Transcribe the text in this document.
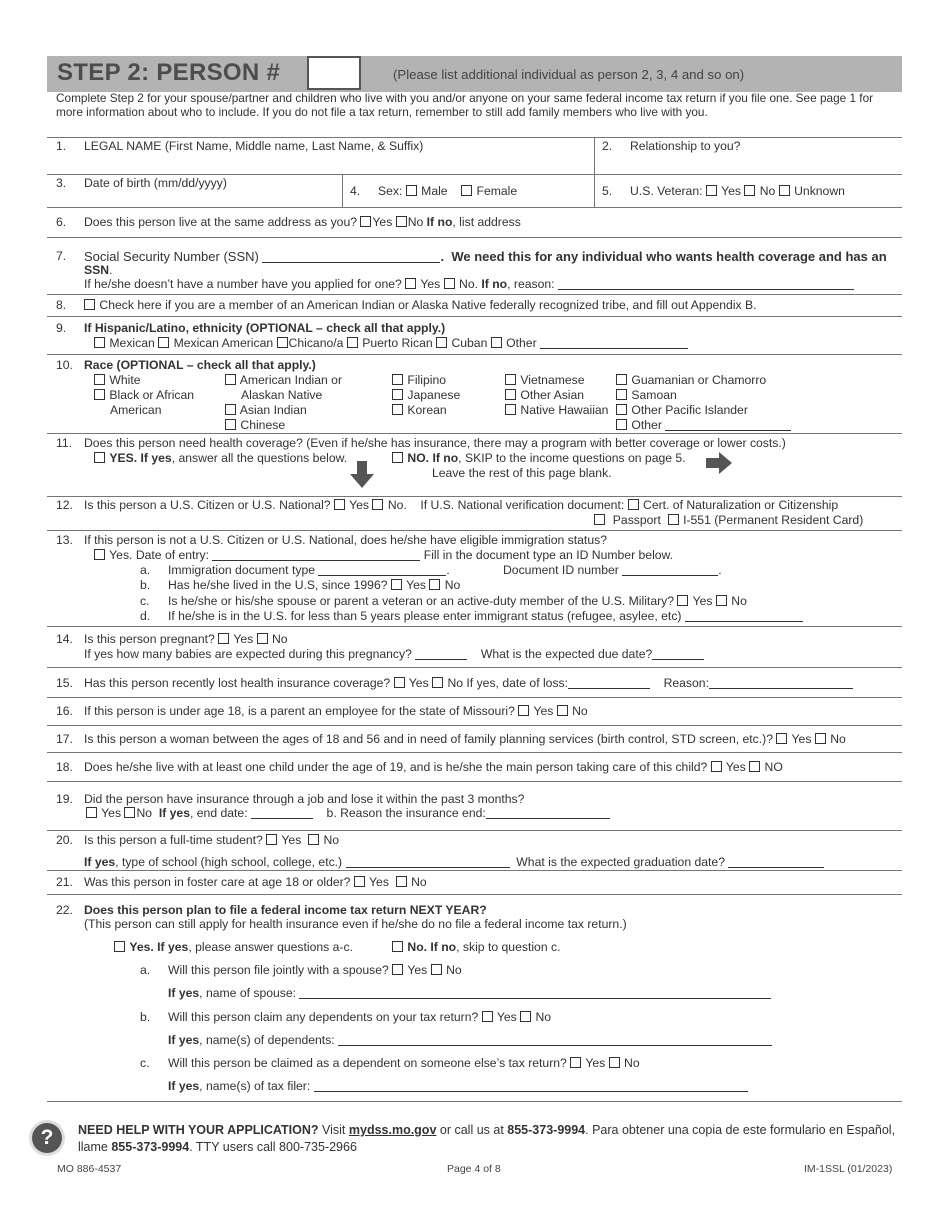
STEP 2: PERSON #	(Please list additional individual as person 2, 3, 4 and so on)
Complete Step 2 for your spouse/partner and children who live with you and/or anyone on your same federal income tax return if you file one. See page 1 for more information about who to include. If you do not file a tax return, remember to still add family members who live with you.
1. LEGAL NAME (First Name, Middle name, Last Name, & Suffix)	2. Relationship to you?
3. Date of birth (mm/dd/yyyy)
4. Sex: Male Female	5. U.S. Veteran: Yes No Unknown
6. Does this person live at the same address as you? Yes No If no, list address
7. Social Security Number (SSN)	. We need this for any individual who wants health coverage and has an
SSN.
If he/she doesn’t have a number have you applied for one? Yes No. If no, reason:
8.	Check here if you are a member of an American Indian or Alaska Native federally recognized tribe, and fill out Appendix B.
9. If Hispanic/Latino, ethnicity (OPTIONAL – check all that apply.)
Mexican Mexican American Chicano/a Puerto Rican Cuban Other
10. Race (OPTIONAL – check all that apply.)
White
Black or African
American
American Indian or
Alaskan Native
Asian Indian
Chinese
Filipino
Japanese
Korean
Vietnamese
Other Asian
Native Hawaiian
Guamanian or Chamorro
Samoan
Other Pacific Islander
Other
11. Does this person need health coverage? (Even if he/she has insurance, there may a program with better coverage or lower costs.)
YES. If yes, answer all the questions below.	NO. If no, SKIP to the income questions on page 5.
Leave the rest of this page blank.
12. Is this person a U.S. Citizen or U.S. National? Yes No. If U.S. National verification document: Cert. of Naturalization or Citizenship
Passport I-551 (Permanent Resident Card)
13. If this person is not a U.S. Citizen or U.S. National, does he/she have eligible immigration status?
Yes. Date of entry:	Fill in the document type an ID Number below.
a. Immigration document type	.	Document ID number	.
b. Has he/she lived in the U.S, since 1996? Yes No
c. Is he/she or his/she spouse or parent a veteran or an active-duty member of the U.S. Military? Yes No
d. If he/she is in the U.S. for less than 5 years please enter immigrant status (refugee, asylee, etc)
14. Is this person pregnant? Yes No
If yes how many babies are expected during this pregnancy?	What is the expected due date?
15. Has this person recently lost health insurance coverage? Yes No If yes, date of loss:	Reason:
16. If this person is under age 18, is a parent an employee for the state of Missouri? Yes No
17. Is this person a woman between the ages of 18 and 56 and in need of family planning services (birth control, STD screen, etc.)? Yes No
18. Does he/she live with at least one child under the age of 19, and is he/she the main person taking care of this child? Yes NO
19. Did the person have insurance through a job and lose it within the past 3 months?
Yes No If yes, end date:	b. Reason the insurance end:
20. Is this person a full-time student? Yes No
If yes, type of school (high school, college, etc.)	What is the expected graduation date?
21. Was this person in foster care at age 18 or older? Yes No
22. Does this person plan to file a federal income tax return NEXT YEAR?
(This person can still apply for health insurance even if he/she do no file a federal income tax return.)
Yes. If yes, please answer questions a-c.	No. If no, skip to question c.
a. Will this person file jointly with a spouse? Yes No
If yes, name of spouse:
b. Will this person claim any dependents on your tax return? Yes No
If yes, name(s) of dependents:
c. Will this person be claimed as a dependent on someone else’s tax return? Yes No
If yes, name(s) of tax filer:
?	NEED HELP WITH YOUR APPLICATION? Visit mydss.mo.gov or call us at 855-373-9994. Para obtener una copia de este formulario en Español, llame 855-373-9994. TTY users call 800-735-2966
MO 886-4537	Page 4 of 8	IM-1SSL (01/2023)
